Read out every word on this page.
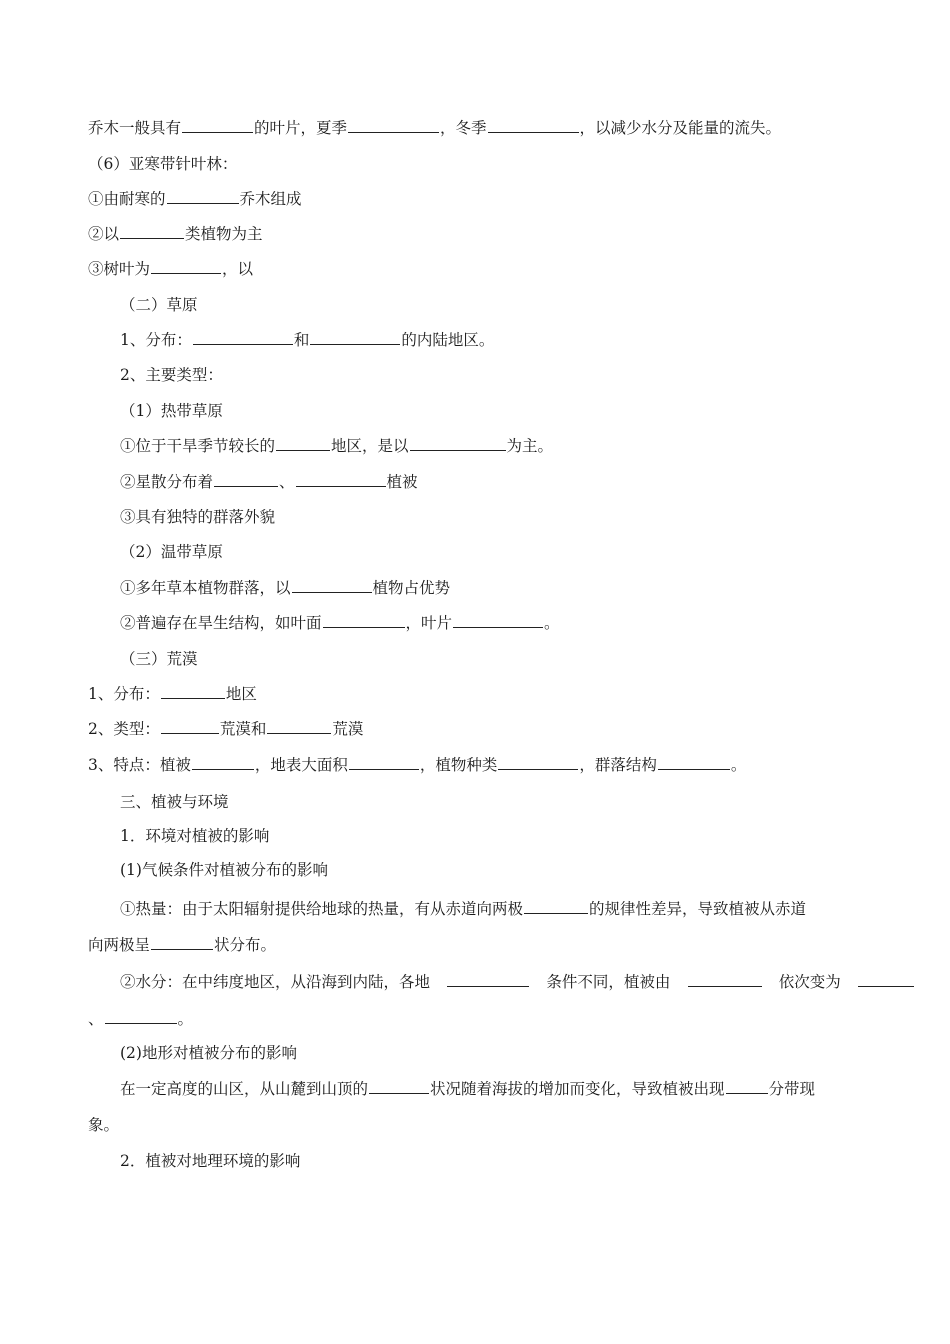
乔木一般具有	的叶片，夏季	，冬季	，以减少水分及能量的流失。
（6）亚寒带针叶林：
①由耐寒的	乔木组成
②以	类植物为主
③树叶为	，以
（二）草原
1、分布：	和	的内陆地区。
2、主要类型：
（1）热带草原
①位于干旱季节较长的	地区，是以	为主。
②星散分布着	、	植被
③具有独特的群落外貌
（2）温带草原
①多年草本植物群落，以	植物占优势
②普遍存在旱生结构，如叶面	，叶片	。
（三）荒漠
1、分布：	地区
2、类型：	荒漠和	荒漠
3、特点：植被	，地表大面积	，植物种类	，群落结构	。
三、植被与环境
1．环境对植被的影响
(1)气候条件对植被分布的影响
①热量：由于太阳辐射提供给地球的热量，有从赤道向两极	的规律性差异，导致植被从赤道
向两极呈	状分布。
②水分：在中纬度地区，从沿海到内陆，各地	条件不同，植被由	依次变为
、	。
(2)地形对植被分布的影响
在一定高度的山区，从山麓到山顶的	状况随着海拔的增加而变化，导致植被出现	分带现
象。
2．植被对地理环境的影响
